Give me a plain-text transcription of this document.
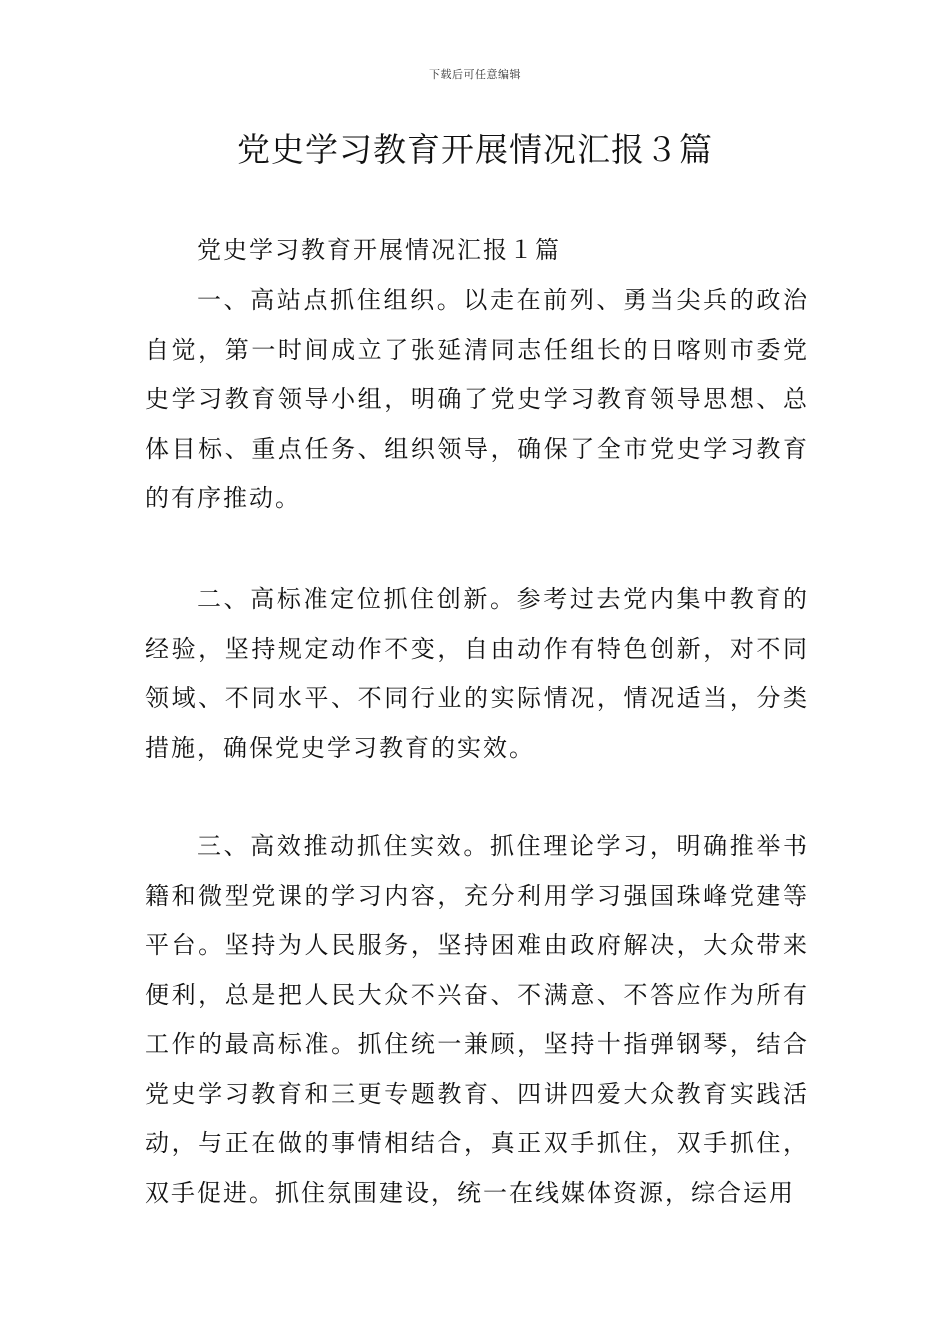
下载后可任意编辑
党史学习教育开展情况汇报３篇

党史学习教育开展情况汇报１篇

一、高站点抓住组织。以走在前列、勇当尖兵的政治自觉，第一时间成立了张延清同志任组长的日喀则市委党史学习教育领导小组，明确了党史学习教育领导思想、总体目标、重点任务、组织领导，确保了全市党史学习教育的有序推动。

二、高标准定位抓住创新。参考过去党内集中教育的经验，坚持规定动作不变，自由动作有特色创新，对不同领域、不同水平、不同行业的实际情况，情况适当，分类措施，确保党史学习教育的实效。

三、高效推动抓住实效。抓住理论学习，明确推举书籍和微型党课的学习内容，充分利用学习强国珠峰党建等平台。坚持为人民服务，坚持困难由政府解决，大众带来便利，总是把人民大众不兴奋、不满意、不答应作为所有工作的最高标准。抓住统一兼顾，坚持十指弹钢琴，结合党史学习教育和三更专题教育、四讲四爱大众教育实践活动，与正在做的事情相结合，真正双手抓住，双手抓住，双手促进。抓住氛围建设，统一在线媒体资源，综合运用
